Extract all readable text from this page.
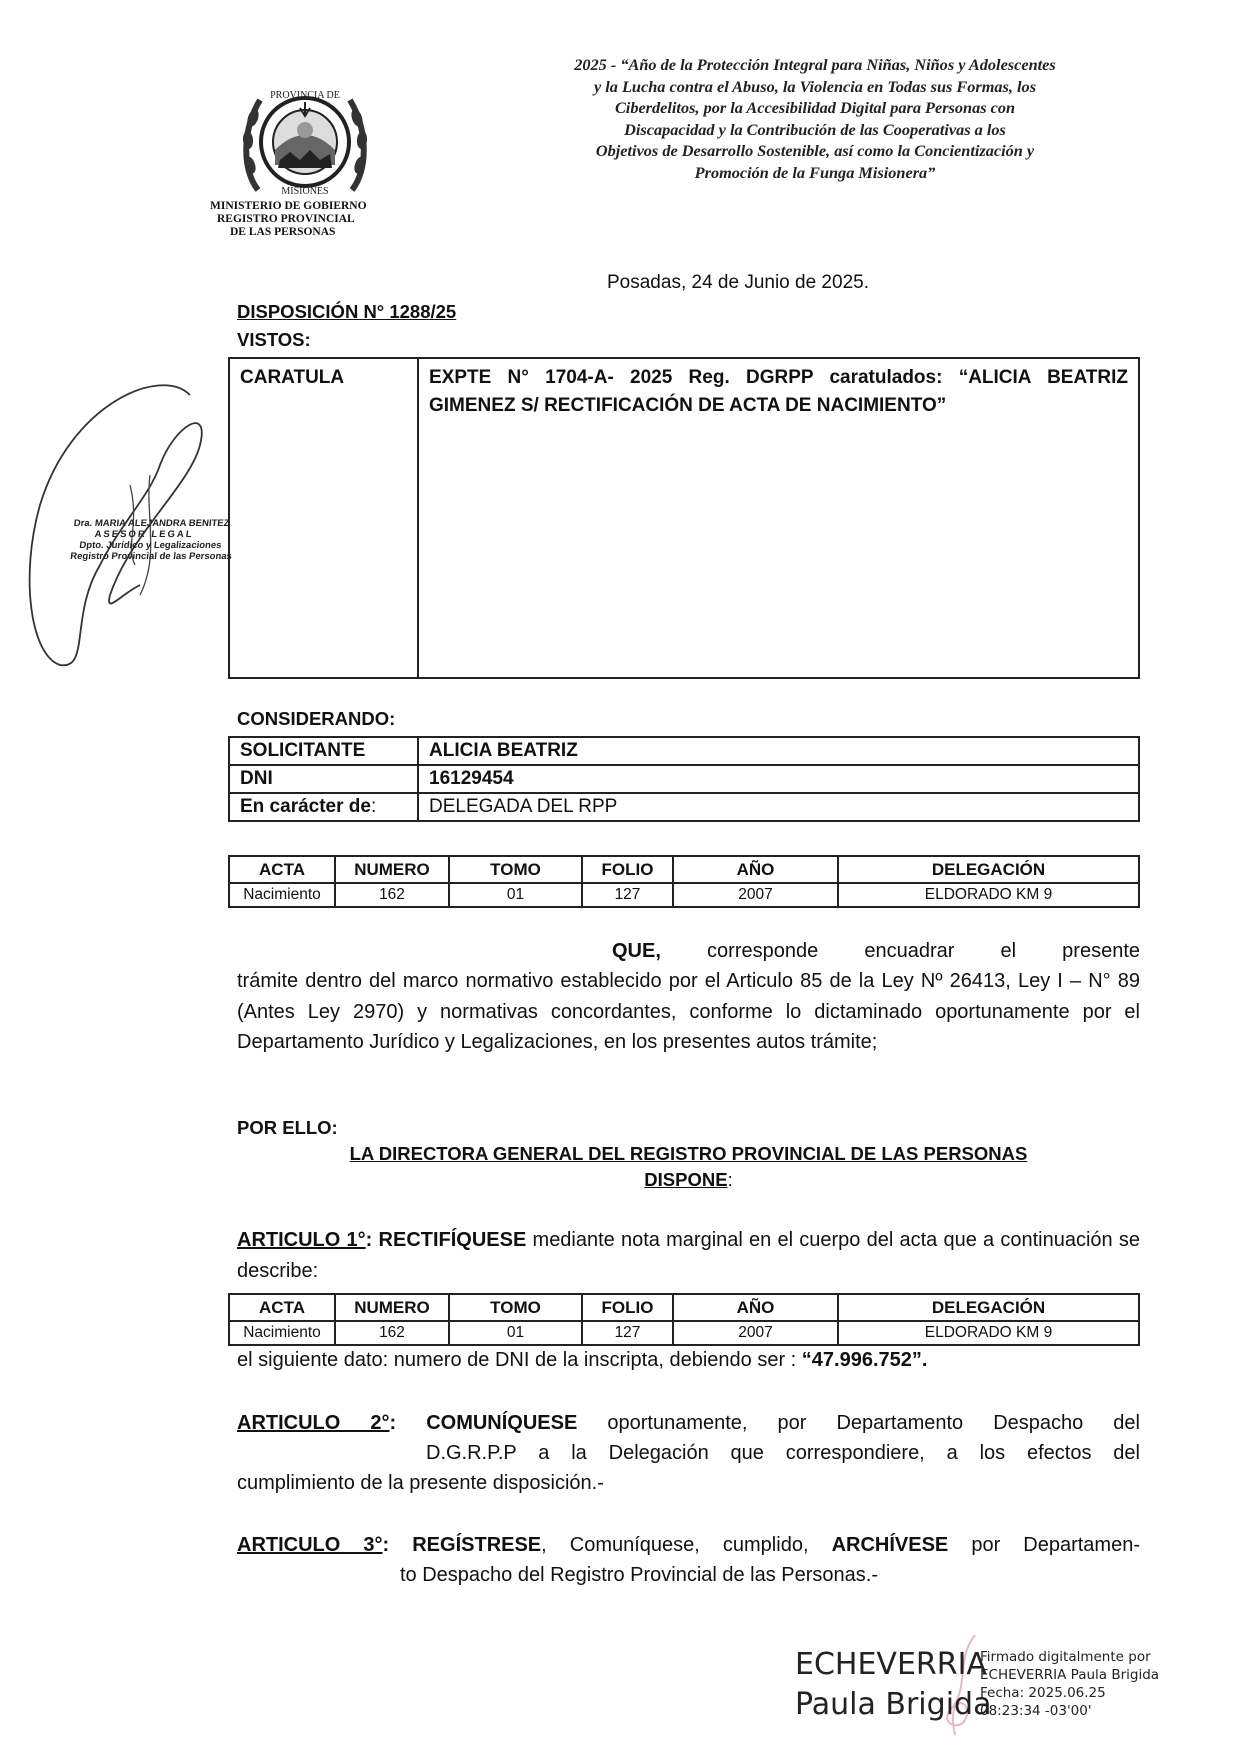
PROVINCIA DE
MISIONES
MINISTERIO DE GOBIERNO
REGISTRO PROVINCIAL
DE LAS PERSONAS
2025 - “Año de la Protección Integral para Niñas, Niños y Adolescentes
y la Lucha contra el Abuso, la Violencia en Todas sus Formas, los
Ciberdelitos, por la Accesibilidad Digital para Personas con
Discapacidad y la Contribución de las Cooperativas a los
Objetivos de Desarrollo Sostenible, así como la Concientización y
Promoción de la Funga Misionera”
Posadas, 24 de Junio de 2025.
DISPOSICIÓN N° 1288/25
VISTOS:
Dra. MARIA ALEJANDRA BENITEZ
ASESOR LEGAL
Dpto. Jurídico y Legalizaciones
Registro Provincial de las Personas
CARATULA	EXPTE N° 1704-A- 2025 Reg. DGRPP caratulados: “ALICIA BEATRIZ GIMENEZ S/ RECTIFICACIÓN DE ACTA DE NACIMIENTO”
CONSIDERANDO:
SOLICITANTE	ALICIA BEATRIZ
DNI	16129454
En carácter de:	DELEGADA DEL RPP
ACTA	NUMERO	TOMO	FOLIO	AÑO	DELEGACIÓN
Nacimiento	162	01	127	2007	ELDORADO KM 9
QUE, corresponde encuadrar el presente
trámite dentro del marco normativo establecido por el Articulo 85 de la Ley Nº 26413, Ley I – N° 89 (Antes Ley 2970) y normativas concordantes, conforme lo dictaminado oportunamente por el Departamento Jurídico y Legalizaciones, en los presentes autos trámite;
POR ELLO:
LA DIRECTORA GENERAL DEL REGISTRO PROVINCIAL DE LAS PERSONAS
DISPONE:
ARTICULO 1°: RECTIFÍQUESE mediante nota marginal en el cuerpo del acta que a continuación se describe:
ACTA	NUMERO	TOMO	FOLIO	AÑO	DELEGACIÓN
Nacimiento	162	01	127	2007	ELDORADO KM 9
el siguiente dato: numero de DNI de la inscripta, debiendo ser : “47.996.752”.
ARTICULO 2°: COMUNÍQUESE oportunamente, por Departamento Despacho del
D.G.R.P.P a la Delegación que correspondiere, a los efectos del
cumplimiento de la presente disposición.-
ARTICULO 3°: REGÍSTRESE, Comuníquese, cumplido, ARCHÍVESE por Departamen-
to Despacho del Registro Provincial de las Personas.-
ECHEVERRIA
Paula Brigida
Firmado digitalmente por
ECHEVERRIA Paula Brigida
Fecha: 2025.06.25
08:23:34 -03'00'
